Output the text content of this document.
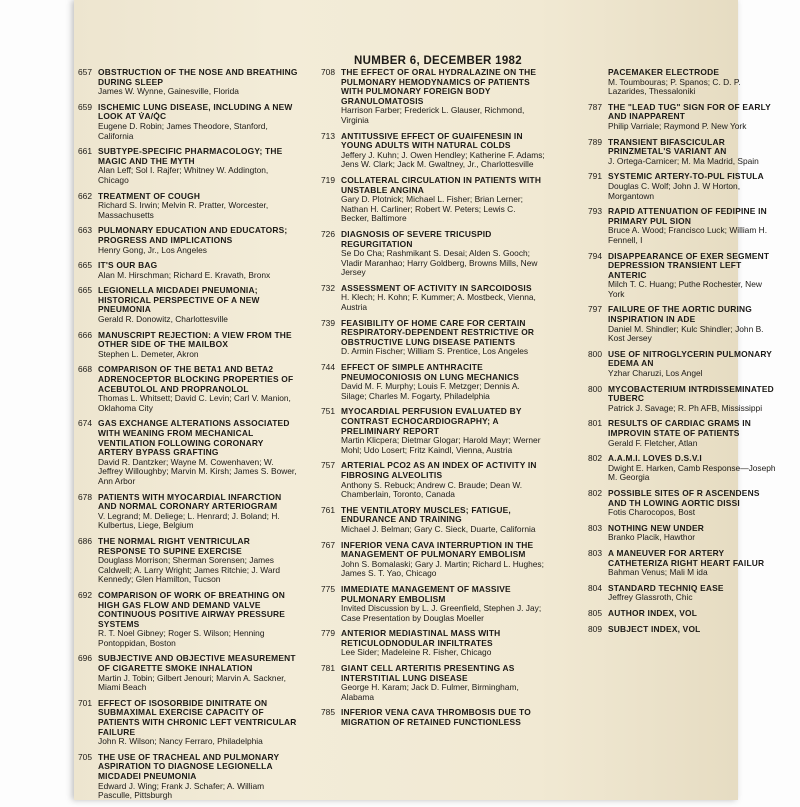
NUMBER 6, DECEMBER 1982
657 OBSTRUCTION OF THE NOSE AND BREATHING DURING SLEEP
James W. Wynne, Gainesville, Florida
659 ISCHEMIC LUNG DISEASE, INCLUDING A NEW LOOK AT V̇A/Q̇C
Eugene D. Robin; James Theodore, Stanford, California
661 SUBTYPE-SPECIFIC PHARMACOLOGY; THE MAGIC AND THE MYTH
Alan Leff; Sol I. Rajfer; Whitney W. Addington, Chicago
662 TREATMENT OF COUGH
Richard S. Irwin; Melvin R. Pratter, Worcester, Massachusetts
663 PULMONARY EDUCATION AND EDUCATORS; PROGRESS AND IMPLICATIONS
Henry Gong, Jr., Los Angeles
665 IT'S OUR BAG
Alan M. Hirschman; Richard E. Kravath, Bronx
665 LEGIONELLA MICDADEI PNEUMONIA; HISTORICAL PERSPECTIVE OF A NEW PNEUMONIA
Gerald R. Donowitz, Charlottesville
666 MANUSCRIPT REJECTION: A VIEW FROM THE OTHER SIDE OF THE MAILBOX
Stephen L. Demeter, Akron
668 COMPARISON OF THE BETA1 AND BETA2 ADRENOCEPTOR BLOCKING PROPERTIES OF ACEBUTOLOL AND PROPRANOLOL
Thomas L. Whitsett; David C. Levin; Carl V. Manion, Oklahoma City
674 GAS EXCHANGE ALTERATIONS ASSOCIATED WITH WEANING FROM MECHANICAL VENTILATION FOLLOWING CORONARY ARTERY BYPASS GRAFTING
David R. Dantzker; Wayne M. Cowenhaven; W. Jeffrey Willoughby; Marvin M. Kirsh; James S. Bower, Ann Arbor
678 PATIENTS WITH MYOCARDIAL INFARCTION AND NORMAL CORONARY ARTERIOGRAM
V. Legrand; M. Deliege; L. Henrard; J. Boland; H. Kulbertus, Liege, Belgium
686 THE NORMAL RIGHT VENTRICULAR RESPONSE TO SUPINE EXERCISE
Douglass Morrison; Sherman Sorensen; James Caldwell; A. Larry Wright; James Ritchie; J. Ward Kennedy; Glen Hamilton, Tucson
692 COMPARISON OF WORK OF BREATHING ON HIGH GAS FLOW AND DEMAND VALVE CONTINUOUS POSITIVE AIRWAY PRESSURE SYSTEMS
R. T. Noel Gibney; Roger S. Wilson; Henning Pontoppidan, Boston
696 SUBJECTIVE AND OBJECTIVE MEASUREMENT OF CIGARETTE SMOKE INHALATION
Martin J. Tobin; Gilbert Jenouri; Marvin A. Sackner, Miami Beach
701 EFFECT OF ISOSORBIDE DINITRATE ON SUBMAXIMAL EXERCISE CAPACITY OF PATIENTS WITH CHRONIC LEFT VENTRICULAR FAILURE
John R. Wilson; Nancy Ferraro, Philadelphia
705 THE USE OF TRACHEAL AND PULMONARY ASPIRATION TO DIAGNOSE LEGIONELLA MICDADEI PNEUMONIA
Edward J. Wing; Frank J. Schafer; A. William Pasculle, Pittsburgh
708 THE EFFECT OF ORAL HYDRALAZINE ON THE PULMONARY HEMODYNAMICS OF PATIENTS WITH PULMONARY FOREIGN BODY GRANULOMATOSIS
Harrison Farber; Frederick L. Glauser, Richmond, Virginia
713 ANTITUSSIVE EFFECT OF GUAIFENESIN IN YOUNG ADULTS WITH NATURAL COLDS
Jeffery J. Kuhn; J. Owen Hendley; Katherine F. Adams; Jens W. Clark; Jack M. Gwaltney, Jr., Charlottesville
719 COLLATERAL CIRCULATION IN PATIENTS WITH UNSTABLE ANGINA
Gary D. Plotnick; Michael L. Fisher; Brian Lerner; Nathan H. Carliner; Robert W. Peters; Lewis C. Becker, Baltimore
726 DIAGNOSIS OF SEVERE TRICUSPID REGURGITATION
Se Do Cha; Rashmikant S. Desai; Alden S. Gooch; Vladir Maranhao; Harry Goldberg, Browns Mills, New Jersey
732 ASSESSMENT OF ACTIVITY IN SARCOIDOSIS
H. Klech; H. Kohn; F. Kummer; A. Mostbeck, Vienna, Austria
739 FEASIBILITY OF HOME CARE FOR CERTAIN RESPIRATORY-DEPENDENT RESTRICTIVE OR OBSTRUCTIVE LUNG DISEASE PATIENTS
D. Armin Fischer; William S. Prentice, Los Angeles
744 EFFECT OF SIMPLE ANTHRACITE PNEUMOCONIOSIS ON LUNG MECHANICS
David M. F. Murphy; Louis F. Metzger; Dennis A. Silage; Charles M. Fogarty, Philadelphia
751 MYOCARDIAL PERFUSION EVALUATED BY CONTRAST ECHOCARDIOGRAPHY; A PRELIMINARY REPORT
Martin Klicpera; Dietmar Glogar; Harold Mayr; Werner Mohl; Udo Losert; Fritz Kaindl, Vienna, Austria
757 ARTERIAL PCO2 AS AN INDEX OF ACTIVITY IN FIBROSING ALVEOLITIS
Anthony S. Rebuck; Andrew C. Braude; Dean W. Chamberlain, Toronto, Canada
761 THE VENTILATORY MUSCLES; FATIGUE, ENDURANCE AND TRAINING
Michael J. Belman; Gary C. Sieck, Duarte, California
767 INFERIOR VENA CAVA INTERRUPTION IN THE MANAGEMENT OF PULMONARY EMBOLISM
John S. Bomalaski; Gary J. Martin; Richard L. Hughes; James S. T. Yao, Chicago
775 IMMEDIATE MANAGEMENT OF MASSIVE PULMONARY EMBOLISM
Invited Discussion by L. J. Greenfield, Stephen J. Jay; Case Presentation by Douglas Moeller
779 ANTERIOR MEDIASTINAL MASS WITH RETICULODNODULAR INFILTRATES
Lee Sider; Madeleine R. Fisher, Chicago
781 GIANT CELL ARTERITIS PRESENTING AS INTERSTITIAL LUNG DISEASE
George H. Karam; Jack D. Fulmer, Birmingham, Alabama
785 INFERIOR VENA CAVA THROMBOSIS DUE TO MIGRATION OF RETAINED FUNCTIONLESS
PACEMAKER ELECTRODE
M. Toumbouras; P. Spanos; C. D. P. Lazarides, Thessaloniki
787 THE "LEAD TUG" SIGN FOR OF EARLY AND INAPPARENT
Philip Varriale; Raymond P. New York
789 TRANSIENT BIFASCICULAR PRINZMETAL'S VARIANT AN
J. Ortega-Carnicer; M. Ma Madrid, Spain
791 SYSTEMIC ARTERY-TO-PUL FISTULA
Douglas C. Wolf; John J. W Horton, Morgantown
793 RAPID ATTENUATION OF FEDIPINE IN PRIMARY PUL SION
Bruce A. Wood; Francisco Luck; William H. Fennell, I
794 DISAPPEARANCE OF EXER SEGMENT DEPRESSION TRANSIENT LEFT ANTERIC
Milch T. C. Huang; Puthe Rochester, New York
797 FAILURE OF THE AORTIC DURING INSPIRATION IN ADE
Daniel M. Shindler; Kulc Shindler; John B. Kost Jersey
800 USE OF NITROGLYCERIN PULMONARY EDEMA AN
Yzhar Charuzi, Los Angel
800 MYCOBACTERIUM INTRDISSEMINATED TUBERC
Patrick J. Savage; R. Ph AFB, Mississippi
801 RESULTS OF CARDIAC GRAMS IN IMPROVIN STATE OF PATIENTS
Gerald F. Fletcher, Atlan
802 A.A.M.I. LOVES D.S.V.I
Dwight E. Harken, Camb Response—Joseph M. Georgia
802 POSSIBLE SITES OF R ASCENDENS AND TH LOWING AORTIC DISSI
Fotis Charocopos, Bost
803 NOTHING NEW UNDER
Branko Placik, Hawthor
803 A MANEUVER FOR ARTERY CATHETERIZA RIGHT HEART FAILUR
Bahman Venus; Mali M ida
804 STANDARD TECHNIQ EASE
Jeffrey Glassroth, Chic
805 AUTHOR INDEX, VOL
809 SUBJECT INDEX, VOL
